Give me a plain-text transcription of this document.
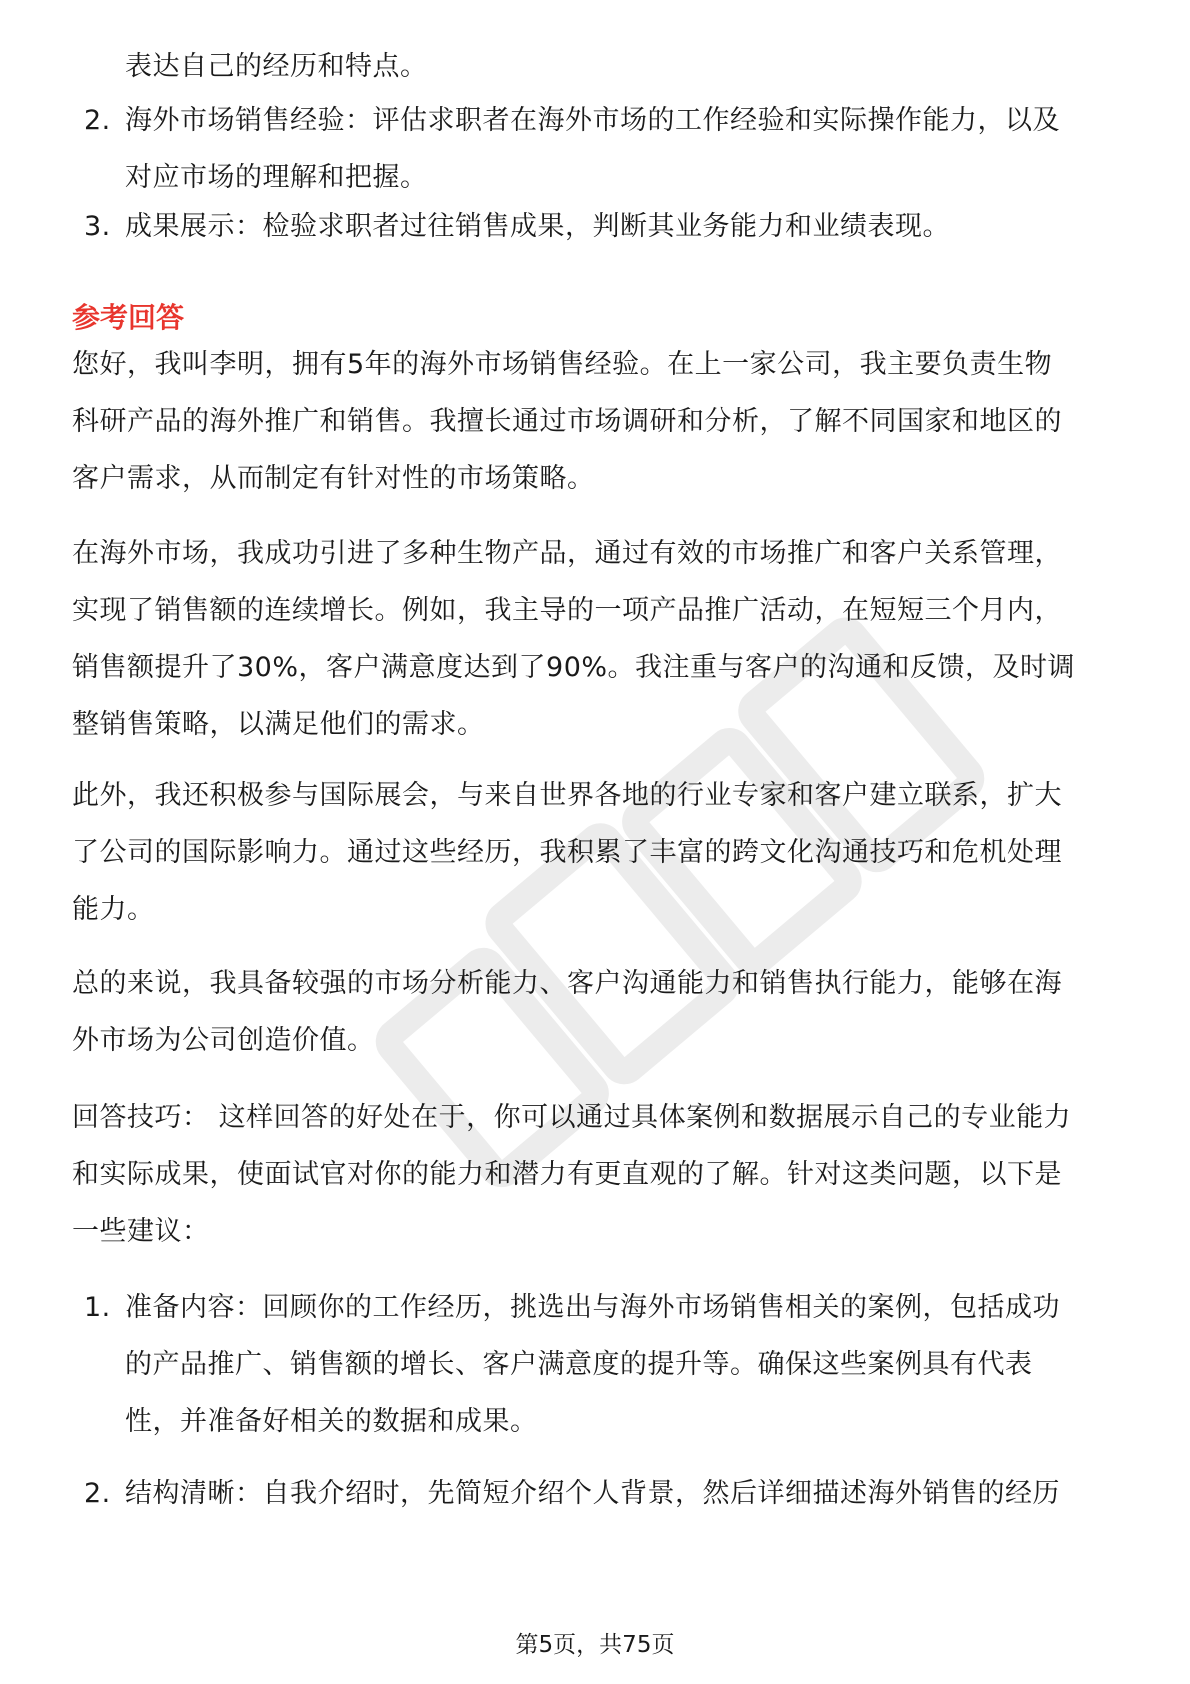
表达自己的经历和特点。
2. 海外市场销售经验：评估求职者在海外市场的工作经验和实际操作能力，以及
对应市场的理解和把握。
3. 成果展示：检验求职者过往销售成果，判断其业务能力和业绩表现。
参考回答
您好，我叫李明，拥有5年的海外市场销售经验。在上一家公司，我主要负责生物
科研产品的海外推广和销售。我擅长通过市场调研和分析，了解不同国家和地区的
客户需求，从而制定有针对性的市场策略。
在海外市场，我成功引进了多种生物产品，通过有效的市场推广和客户关系管理，
实现了销售额的连续增长。例如，我主导的一项产品推广活动，在短短三个月内，
销售额提升了30%，客户满意度达到了90%。我注重与客户的沟通和反馈，及时调
整销售策略，以满足他们的需求。
此外，我还积极参与国际展会，与来自世界各地的行业专家和客户建立联系，扩大
了公司的国际影响力。通过这些经历，我积累了丰富的跨文化沟通技巧和危机处理
能力。
总的来说，我具备较强的市场分析能力、客户沟通能力和销售执行能力，能够在海
外市场为公司创造价值。
回答技巧： 这样回答的好处在于，你可以通过具体案例和数据展示自己的专业能力
和实际成果，使面试官对你的能力和潜力有更直观的了解。针对这类问题，以下是
一些建议：
1. 准备内容：回顾你的工作经历，挑选出与海外市场销售相关的案例，包括成功
的产品推广、销售额的增长、客户满意度的提升等。确保这些案例具有代表
性，并准备好相关的数据和成果。
2. 结构清晰：自我介绍时，先简短介绍个人背景，然后详细描述海外销售的经历
第5页，共75页
